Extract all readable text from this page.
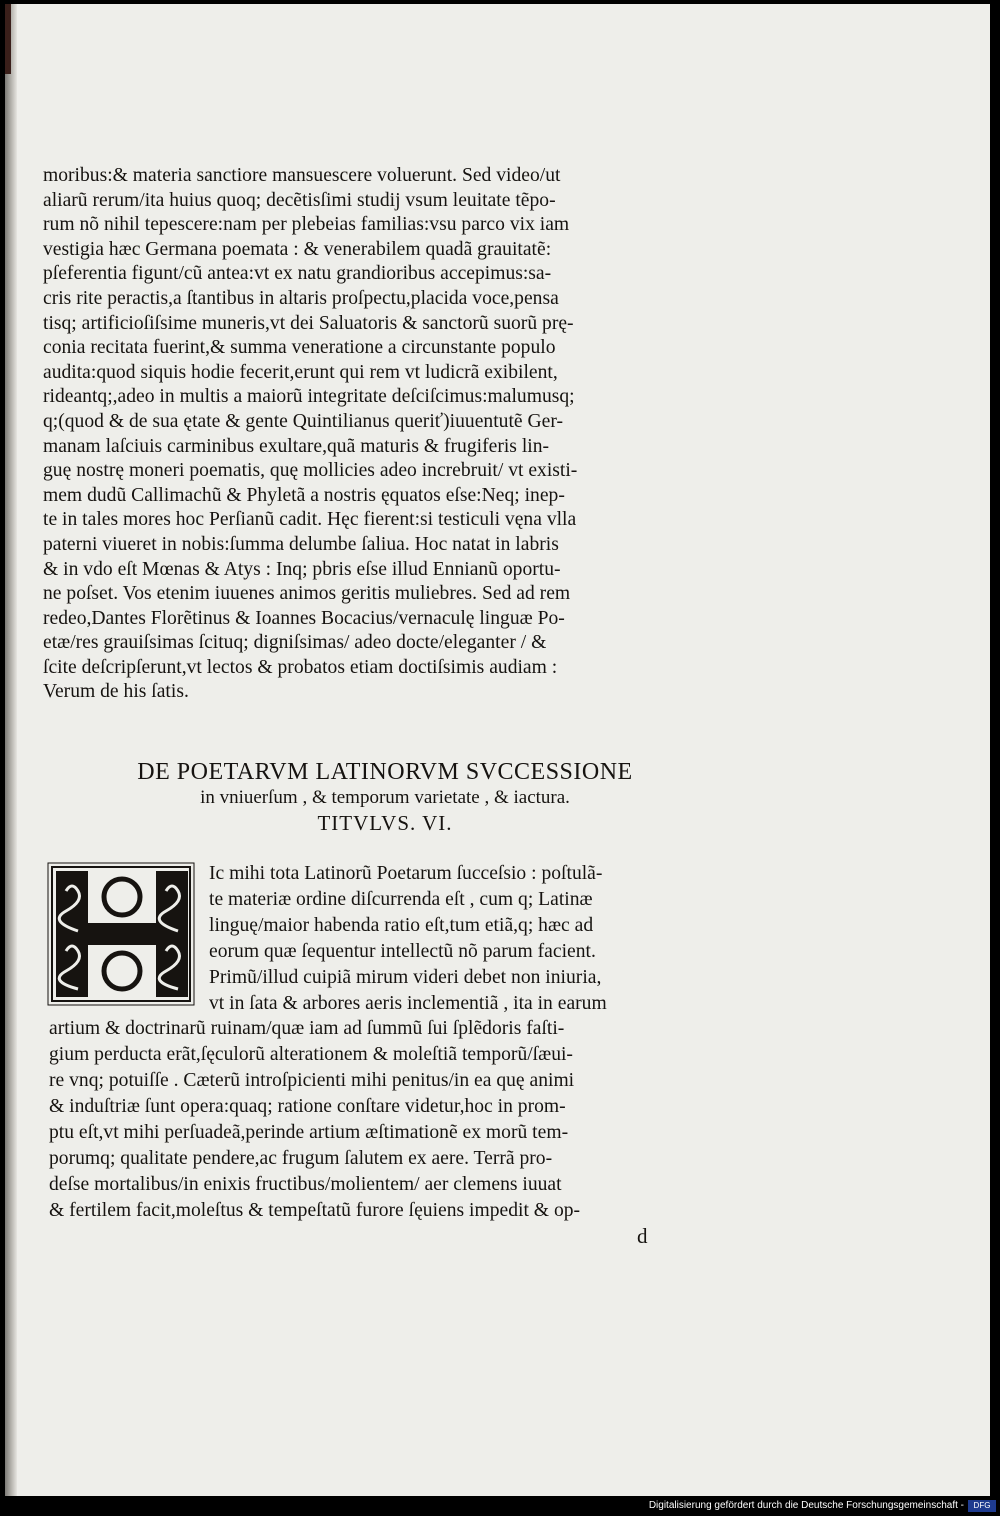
moribus:& materia sanctiore mansuescere voluerunt. Sed video/ut
aliarũ rerum/ita huius quoq; decẽtisſimi studij vsum leuitate tẽpo-
rum nõ nihil tepescere:nam per plebeias familias:vsu parco vix iam
vestigia hæc Germana poemata : & venerabilem quadã grauitatẽ:
pſeferentia figunt/cũ antea:vt ex natu grandioribus accepimus:sa-
cris rite peractis,a ſtantibus in altaris proſpectu,placida voce,pensa
tisq; artificioſiſsime muneris,vt dei Saluatoris & sanctorũ suorũ prę-
conia recitata fuerint,& summa veneratione a circunstante populo
audita:quod siquis hodie fecerit,erunt qui rem vt ludicrã exibilent,
rideantq;,adeo in multis a maiorũ integritate deſciſcimus:malumusq;
q;(quod & de sua ętate & gente Quintilianus queriť)iuuentutẽ Ger-
manam laſciuis carminibus exultare,quã maturis & frugiferis lin-
guę nostrę moneri poematis, quę mollicies adeo increbruit/ vt existi-
mem dudũ Callimachũ & Phyletã a nostris ęquatos eſse:Neq; inep-
te in tales mores hoc Perſianũ cadit. Hęc fierent:si testiculi vęna vlla
paterni viueret in nobis:ſumma delumbe ſaliua. Hoc natat in labris
& in vdo eſt Mœnas & Atys : Inq; pbris eſse illud Ennianũ oportu-
ne poſset. Vos etenim iuuenes animos geritis muliebres. Sed ad rem
redeo,Dantes Florẽtinus & Ioannes Bocacius/vernaculę linguæ Po-
etæ/res grauiſsimas ſcituq; digniſsimas/ adeo docte/eleganter / &
ſcite deſcripſerunt,vt lectos & probatos etiam doctiſsimis audiam :
Verum de his ſatis.
DE POETARVM LATINORVM SVCCESSIONE
in vniuerſum , & temporum varietate , & iactura.
TITVLVS. VI.
Ic mihi tota Latinorũ Poetarum ſucceſsio : poſtulã-
te materiæ ordine diſcurrenda eſt , cum q; Latinæ
linguę/maior habenda ratio eſt,tum etiã,q; hæc ad
eorum quæ ſequentur intellectũ nõ parum facient.
Primũ/illud cuipiã mirum videri debet non iniuria,
vt in ſata & arbores aeris inclementiã , ita in earum
artium & doctrinarũ ruinam/quæ iam ad ſummũ ſui ſplẽdoris faſti-
gium perducta erãt,ſęculorũ alterationem & moleſtiã temporũ/ſæui-
re vnq; potuiſſe . Cæterũ introſpicienti mihi penitus/in ea quę animi
& induſtriæ ſunt opera:quaq; ratione conſtare videtur,hoc in prom-
ptu eſt,vt mihi perſuadeã,perinde artium æſtimationẽ ex morũ tem-
porumq; qualitate pendere,ac frugum ſalutem ex aere. Terrã pro-
deſse mortalibus/in enixis fructibus/molientem/ aer clemens iuuat
& fertilem facit,moleſtus & tempeſtatũ furore ſęuiens impedit & op-
d
Digitalisierung gefördert durch die Deutsche Forschungsgemeinschaft -	DFG
